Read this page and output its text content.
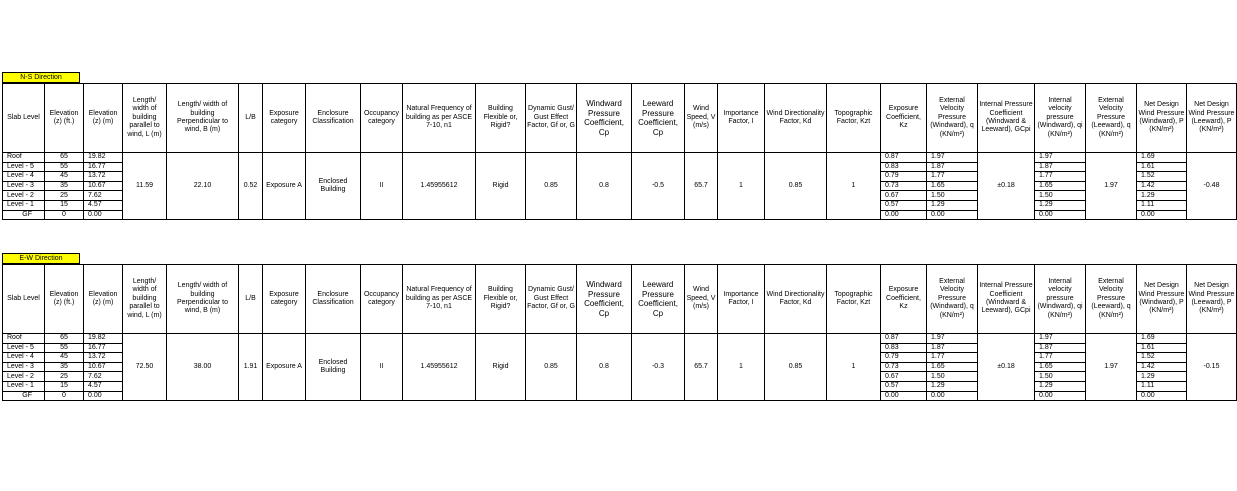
N-S Direction
Slab Level	Elevation (z) (ft.)	Elevation (z) (m)	Length/ width of building parallel to wind, L (m)	Length/ width of building Perpendicular to wind, B (m)	L/B	Exposure category	Enclosure Classification	Occupancy category	Natural Frequency of building as per ASCE 7-10, n1	Building Flexible or, Rigid?	Dynamic Gust/ Gust Effect Factor, Gf or, G	Windward Pressure Coefficient, Cp	Leeward Pressure Coefficient, Cp	Wind Speed, V (m/s)	Importance Factor, I	Wind Directionality Factor, Kd	Topographic Factor, Kzt	Exposure Coefficient, Kz	External Velocity Pressure (Windward), q (KN/m²)	Internal Pressure Coefficient (Windward & Leeward), GCpi	Internal velocity pressure (Windward), qi (KN/m²)	External Velocity Pressure (Leeward), q (KN/m²)	Net Design Wind Pressure (Windward), P (KN/m²)	Net Design Wind Pressure (Leeward), P (KN/m²)
Roof	65	19.82	11.59	22.10	0.52	Exposure A	Enclosed Building	II	1.45955612	Rigid	0.85	0.8	-0.5	65.7	1	0.85	1	0.87	1.97	±0.18	1.97	1.97	1.69	-0.48
Level - 5	55	16.77																0.83	1.87		1.87		1.61	
Level - 4	45	13.72																0.79	1.77		1.77		1.52	
Level - 3	35	10.67																0.73	1.65		1.65		1.42	
Level - 2	25	7.62																0.67	1.50		1.50		1.29	
Level - 1	15	4.57																0.57	1.29		1.29		1.11	
GF	0	0.00																0.00	0.00		0.00		0.00	
E-W Direction
Slab Level	Elevation (z) (ft.)	Elevation (z) (m)	Length/ width of building parallel to wind, L (m)	Length/ width of building Perpendicular to wind, B (m)	L/B	Exposure category	Enclosure Classification	Occupancy category	Natural Frequency of building as per ASCE 7-10, n1	Building Flexible or, Rigid?	Dynamic Gust/ Gust Effect Factor, Gf or, G	Windward Pressure Coefficient, Cp	Leeward Pressure Coefficient, Cp	Wind Speed, V (m/s)	Importance Factor, I	Wind Directionality Factor, Kd	Topographic Factor, Kzt	Exposure Coefficient, Kz	External Velocity Pressure (Windward), q (KN/m²)	Internal Pressure Coefficient (Windward & Leeward), GCpi	Internal velocity pressure (Windward), qi (KN/m²)	External Velocity Pressure (Leeward), q (KN/m²)	Net Design Wind Pressure (Windward), P (KN/m²)	Net Design Wind Pressure (Leeward), P (KN/m²)
Roof	65	19.82	72.50	38.00	1.91	Exposure A	Enclosed Building	II	1.45955612	Rigid	0.85	0.8	-0.3	65.7	1	0.85	1	0.87	1.97	±0.18	1.97	1.97	1.69	-0.15
Level - 5	55	16.77																0.83	1.87		1.87		1.61	
Level - 4	45	13.72																0.79	1.77		1.77		1.52	
Level - 3	35	10.67																0.73	1.65		1.65		1.42	
Level - 2	25	7.62																0.67	1.50		1.50		1.29	
Level - 1	15	4.57																0.57	1.29		1.29		1.11	
GF	0	0.00																0.00	0.00		0.00		0.00	
